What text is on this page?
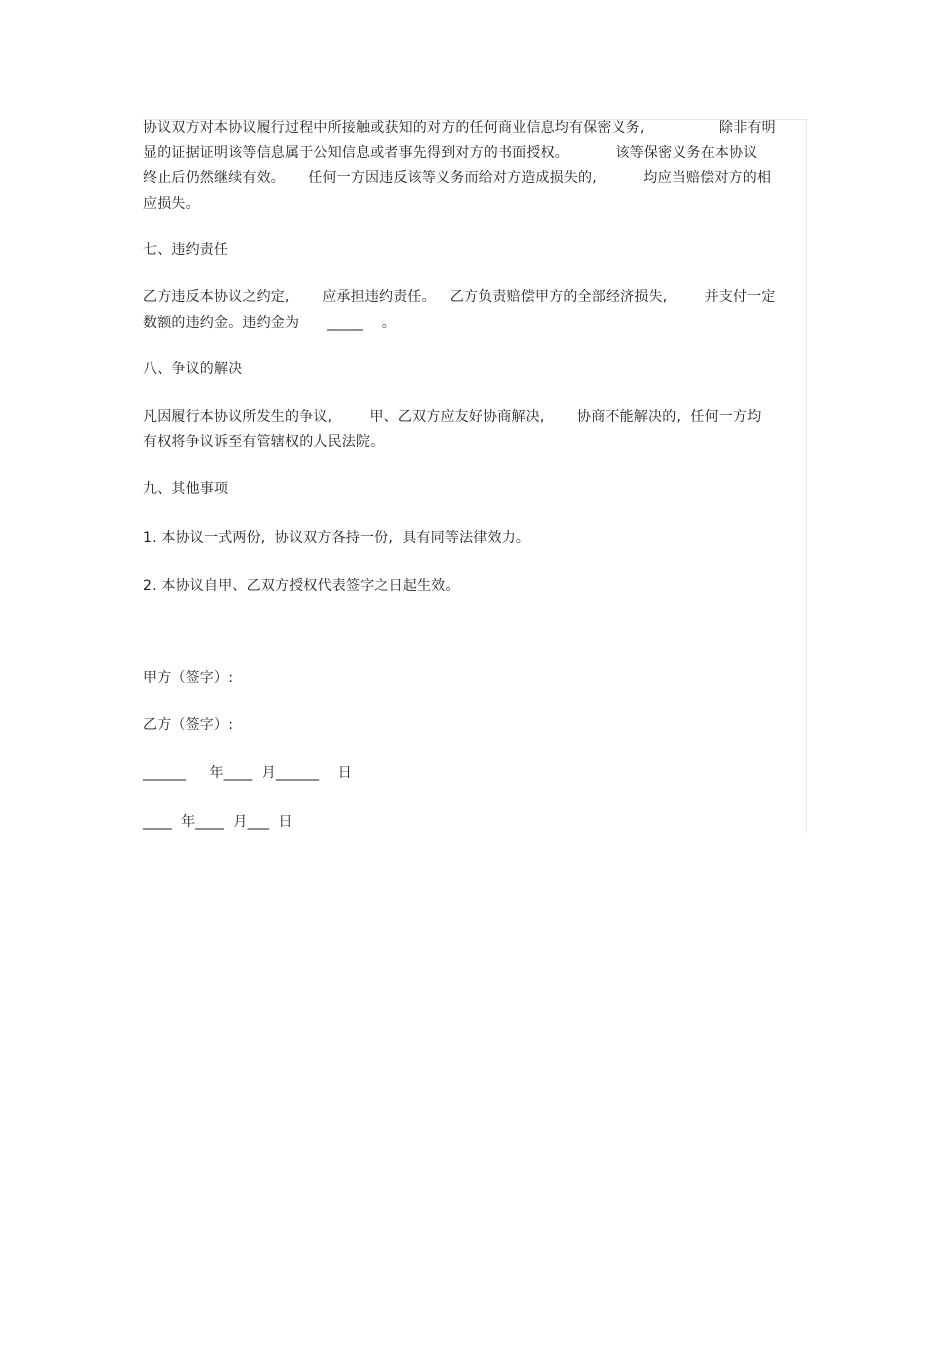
协议双方对本协议履行过程中所接触或获知的对方的任何商业信息均有保密义务,                除非有明
显的证据证明该等信息属于公知信息或者事先得到对方的书面授权。          该等保密义务在本协议
终止后仍然继续有效。     任何一方因违反该等义务而给对方造成损失的,          均应当赔偿对方的相
应损失。
七、违约责任
乙方违反本协议之约定,       应承担违约责任。   乙方负责赔偿甲方的全部经济损失,        并支付一定
数额的违约金。违约金为      _____    。
八、争议的解决
凡因履行本协议所发生的争议,        甲、乙双方应友好协商解决,       协商不能解决的,  任何一方均
有权将争议诉至有管辖权的人民法院。
九、其他事项
1. 本协议一式两份,  协议双方各持一份,  具有同等法律效力。
2. 本协议自甲、乙双方授权代表签字之日起生效。
甲方（签字）:
乙方（签字）:
______     年____  月______    日
____  年____  月___  日
